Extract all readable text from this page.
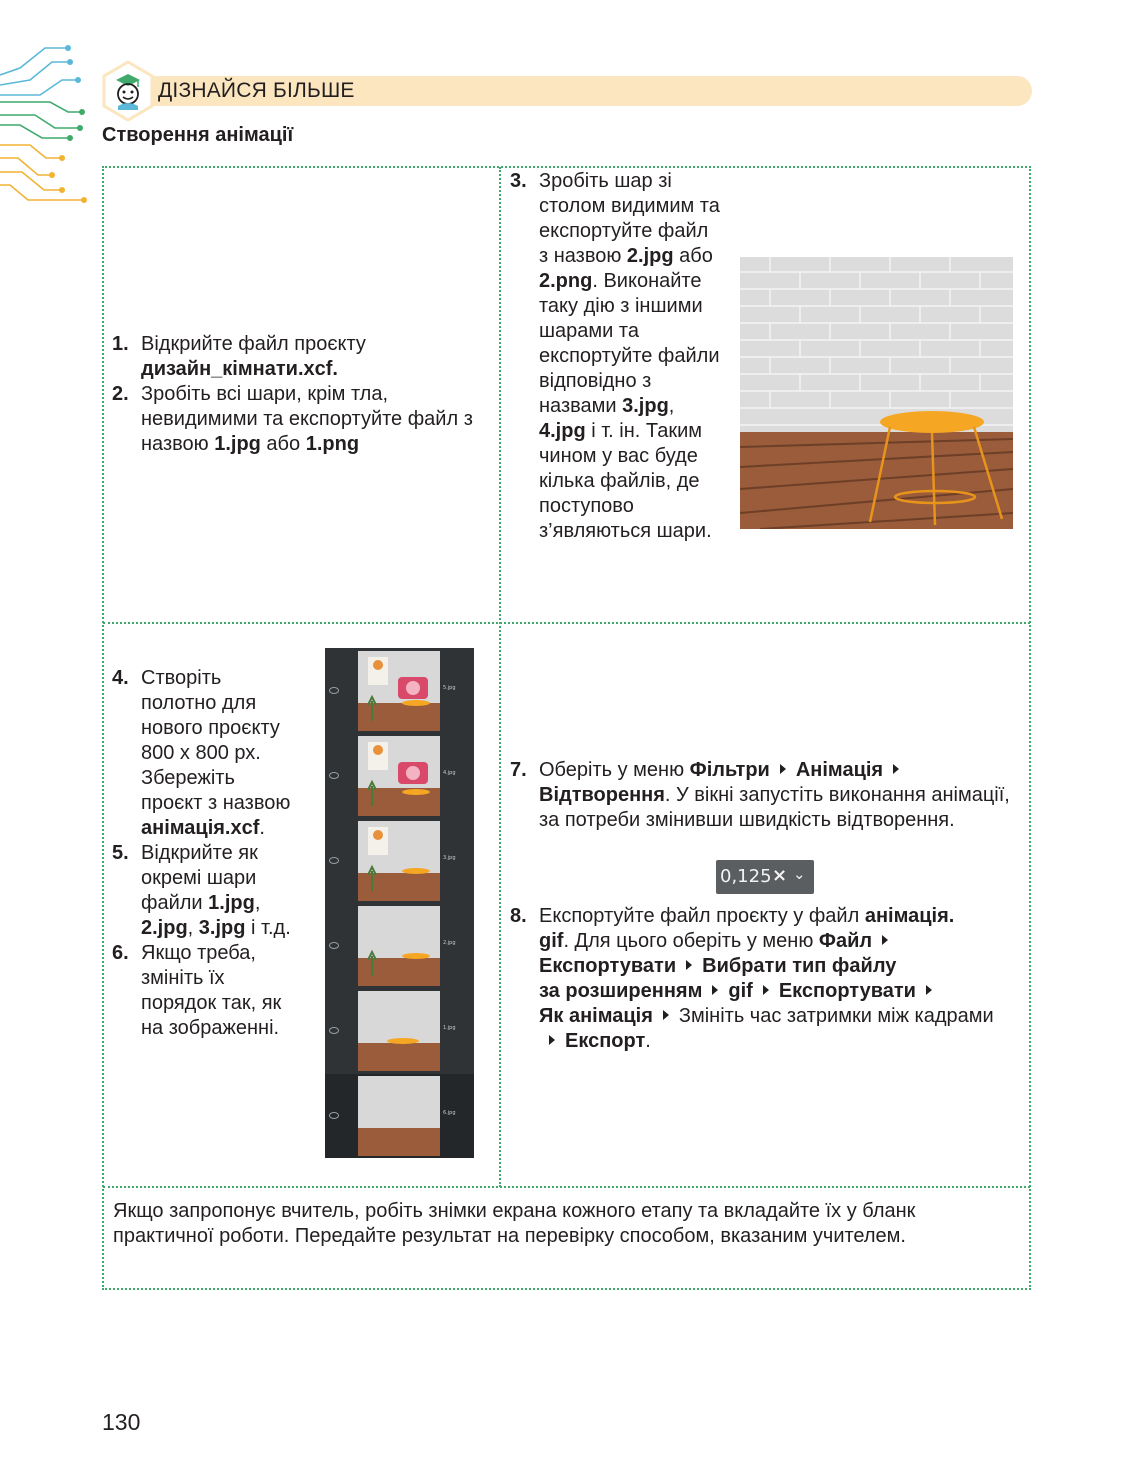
ДІЗНАЙСЯ БІЛЬШЕ
Створення анімації
1. Відкрийте файл проєкту дизайн_кімнати.xcf.
2. Зробіть всі шари, крім тла, невидимими та експортуйте файл з назвою 1.jpg або 1.png
3. Зробіть шар зі столом видимим та експортуйте файл з назвою 2.jpg або 2.png. Виконайте таку дію з іншими шарами та експортуйте файли відповідно з назвами 3.jpg, 4.jpg і т. ін. Таким чином у вас буде кілька файлів, де поступово з’являються шари.
4. Створіть полотно для нового проєкту 800 х 800 рх. Збережіть проєкт з назвою анімація.xcf.
5. Відкрийте як окремі шари файли 1.jpg, 2.jpg, 3.jpg і т.д.
6. Якщо треба, змініть їх порядок так, як на зображенні.
5.jpg
4.jpg
3.jpg
2.jpg
1.jpg
6.jpg
7. Оберіть у меню Фільтри АнімаціяВідтворення. У вікні запустіть виконання анімації, за потреби змінивши швидкість відтворення.
0,125 × ⌄
8. Експортуйте файл проєкту у файл анімація.
gif. Для цього оберіть у меню Файл
Експортувати Вибрати тип файлу
за розширенням gif Експортувати
Як анімація Змініть час затримки між кадрамиЕкспорт.
Якщо запропонує вчитель, робіть знімки екрана кожного етапу та вкладайте їх у бланк практичної роботи. Передайте результат на перевірку способом, вказаним учителем.
130
